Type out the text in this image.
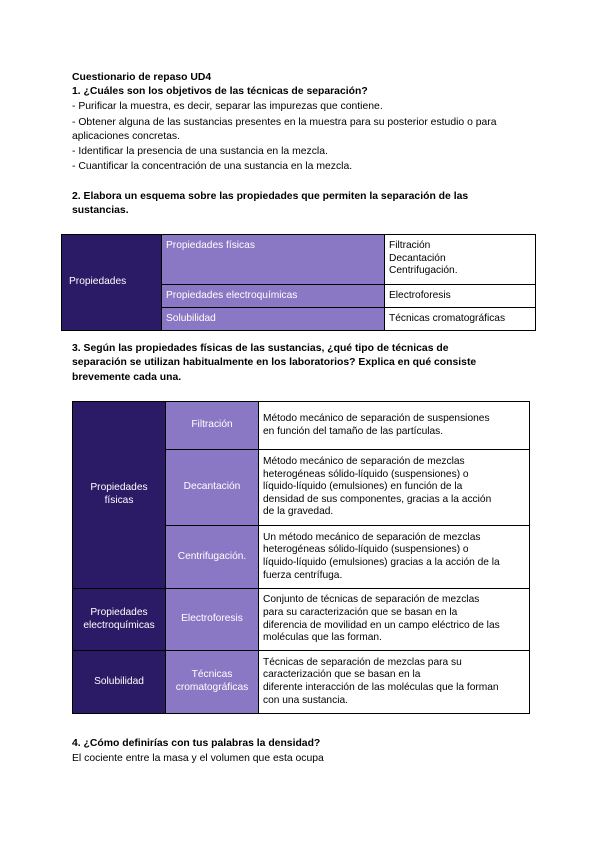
Cuestionario de repaso UD4
1. ¿Cuáles son los objetivos de las técnicas de separación?
- Purificar la muestra, es decir, separar las impurezas que contiene.
- Obtener alguna de las sustancias presentes en la muestra para su posterior estudio o para
aplicaciones concretas.
- Identificar la presencia de una sustancia en la mezcla.
- Cuantificar la concentración de una sustancia en la mezcla.
2. Elabora un esquema sobre las propiedades que permiten la separación de las
sustancias.
Propiedades	Propiedades físicas	Filtración
Decantación
Centrifugación.

	Propiedades electroquímicas	Electroforesis
	Solubilidad	Técnicas cromatográficas
3. Según las propiedades físicas de las sustancias, ¿qué tipo de técnicas de
separación se utilizan habitualmente en los laboratorios? Explica en qué consiste
brevemente cada una.
Propiedades
físicas	Filtración	Método mecánico de separación de suspensiones
en función del tamaño de las partículas.

	Decantación	Método mecánico de separación de mezclas
heterogéneas sólido-líquido (suspensiones) o
líquido-líquido (emulsiones) en función de la
densidad de sus componentes, gracias a la acción
de la gravedad.

	Centrifugación.	Un método mecánico de separación de mezclas
heterogéneas sólido-líquido (suspensiones) o
líquido-líquido (emulsiones) gracias a la acción de la
fuerza centrífuga.

Propiedades
electroquímicas	Electroforesis	Conjunto de técnicas de separación de mezclas
para su caracterización que se basan en la
diferencia de movilidad en un campo eléctrico de las
moléculas que las forman.

Solubilidad	Técnicas
cromatográficas	Técnicas de separación de mezclas para su
caracterización que se basan en la
diferente interacción de las moléculas que la forman
con una sustancia.
4. ¿Cómo definirías con tus palabras la densidad?
El cociente entre la masa y el volumen que esta ocupa
